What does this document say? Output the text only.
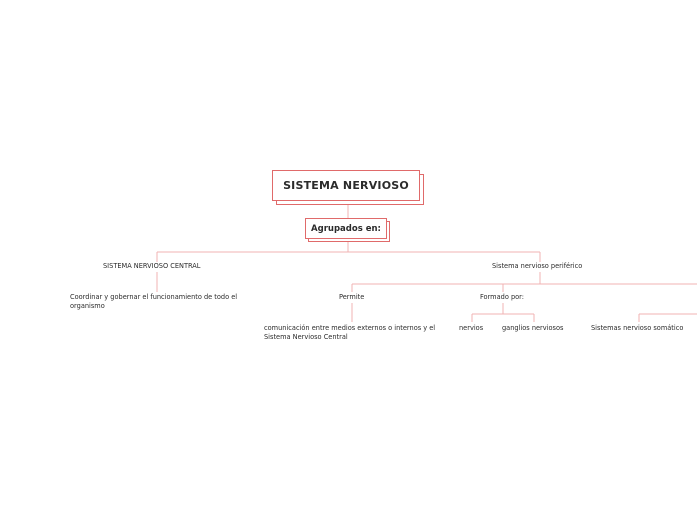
SISTEMA NERVIOSO
Agrupados en:
SISTEMA NERVIOSO CENTRAL
Coordinar y gobernar el funcionamiento de todo el organismo
Sistema nervioso periférico
Permite
comunicación entre medios externos o internos y el Sistema Nervioso Central
Formado por:
nervios	ganglios nerviosos	Sistemas nervioso somático
